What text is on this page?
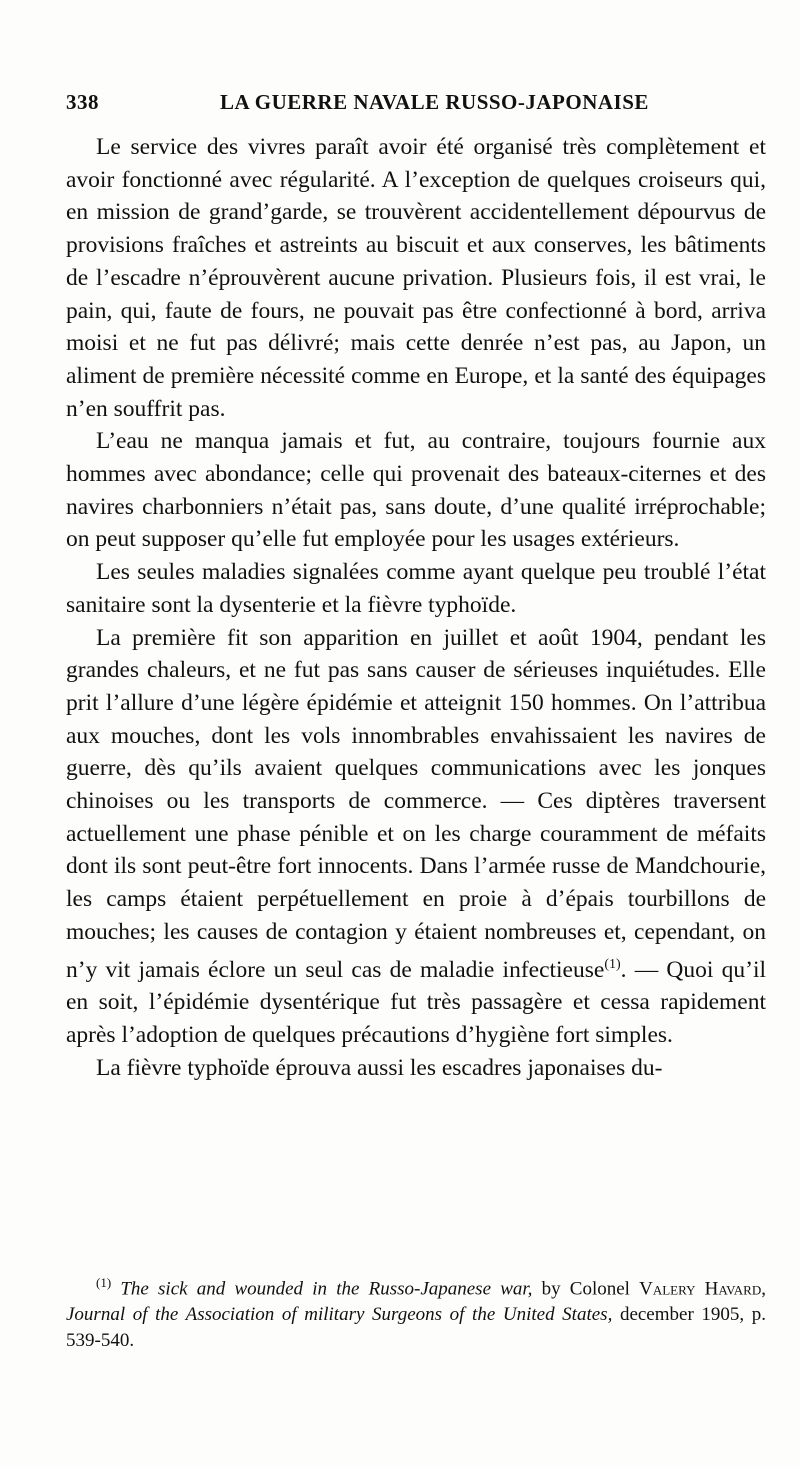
338	LA GUERRE NAVALE RUSSO-JAPONAISE

Le service des vivres paraît avoir été organisé très complètement et avoir fonctionné avec régularité. A l’exception de quelques croiseurs qui, en mission de grand’garde, se trouvèrent accidentellement dépourvus de provisions fraîches et astreints au biscuit et aux conserves, les bâtiments de l’escadre n’éprouvèrent aucune privation. Plusieurs fois, il est vrai, le pain, qui, faute de fours, ne pouvait pas être confectionné à bord, arriva moisi et ne fut pas délivré; mais cette denrée n’est pas, au Japon, un aliment de première nécessité comme en Europe, et la santé des équipages n’en souffrit pas.

L’eau ne manqua jamais et fut, au contraire, toujours fournie aux hommes avec abondance; celle qui provenait des bateaux-citernes et des navires charbonniers n’était pas, sans doute, d’une qualité irréprochable; on peut supposer qu’elle fut employée pour les usages extérieurs.

Les seules maladies signalées comme ayant quelque peu troublé l’état sanitaire sont la dysenterie et la fièvre typhoïde.

La première fit son apparition en juillet et août 1904, pendant les grandes chaleurs, et ne fut pas sans causer de sérieuses inquiétudes. Elle prit l’allure d’une légère épidémie et atteignit 150 hommes. On l’attribua aux mouches, dont les vols innombrables envahissaient les navires de guerre, dès qu’ils avaient quelques communications avec les jonques chinoises ou les transports de commerce. — Ces diptères traversent actuellement une phase pénible et on les charge couramment de méfaits dont ils sont peut-être fort innocents. Dans l’armée russe de Mandchourie, les camps étaient perpétuellement en proie à d’épais tourbillons de mouches; les causes de contagion y étaient nombreuses et, cependant, on n’y vit jamais éclore un seul cas de maladie infectieuse$^{(1)}$. — Quoi qu’il en soit, l’épidémie dysentérique fut très passagère et cessa rapidement après l’adoption de quelques précautions d’hygiène fort simples.

La fièvre typhoïde éprouva aussi les escadres japonaises du-

$^{(1)}$ The sick and wounded in the Russo-Japanese war, by Colonel Valery Havard, Journal of the Association of military Surgeons of the United States, december 1905, p. 539-540.
